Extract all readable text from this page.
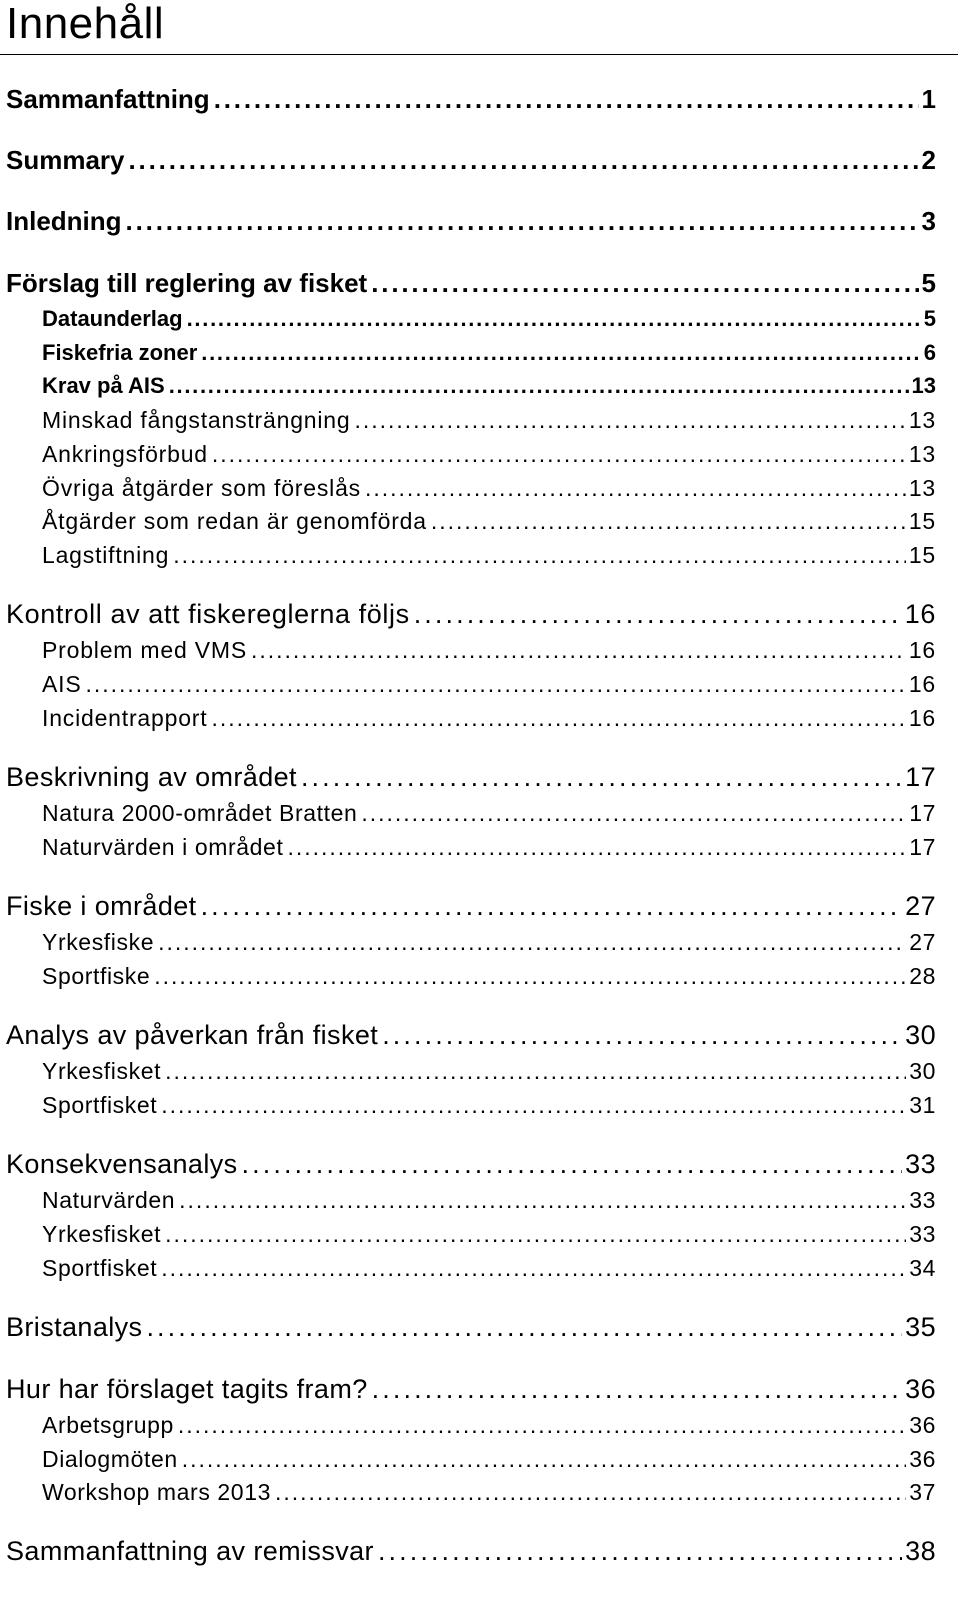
Innehåll
Sammanfattning . . .	1
Summary . . .	2
Inledning . . .	3
Förslag till reglering av fisket . . .	5
Dataunderlag . . .	5
Fiskefria zoner . . .	6
Krav på AIS . . .	13
Minskad fångstansträngning . . .	13
Ankringsförbud . . .	13
Övriga åtgärder som föreslås . . .	13
Åtgärder som redan är genomförda . . .	15
Lagstiftning . . .	15
Kontroll av att fiskereglerna följs . . .	16
Problem med VMS . . .	16
AIS . . .	16
Incidentrapport . . .	16
Beskrivning av området . . .	17
Natura 2000-området Bratten . . .	17
Naturvärden i området . . .	17
Fiske i området . . .	27
Yrkesfiske . . .	27
Sportfiske . . .	28
Analys av påverkan från fisket . . .	30
Yrkesfisket . . .	30
Sportfisket . . .	31
Konsekvensanalys . . .	33
Naturvärden . . .	33
Yrkesfisket . . .	33
Sportfisket . . .	34
Bristanalys . . .	35
Hur har förslaget tagits fram? . . .	36
Arbetsgrupp . . .	36
Dialogmöten . . .	36
Workshop mars 2013 . . .	37
Sammanfattning av remissvar . . .	38
